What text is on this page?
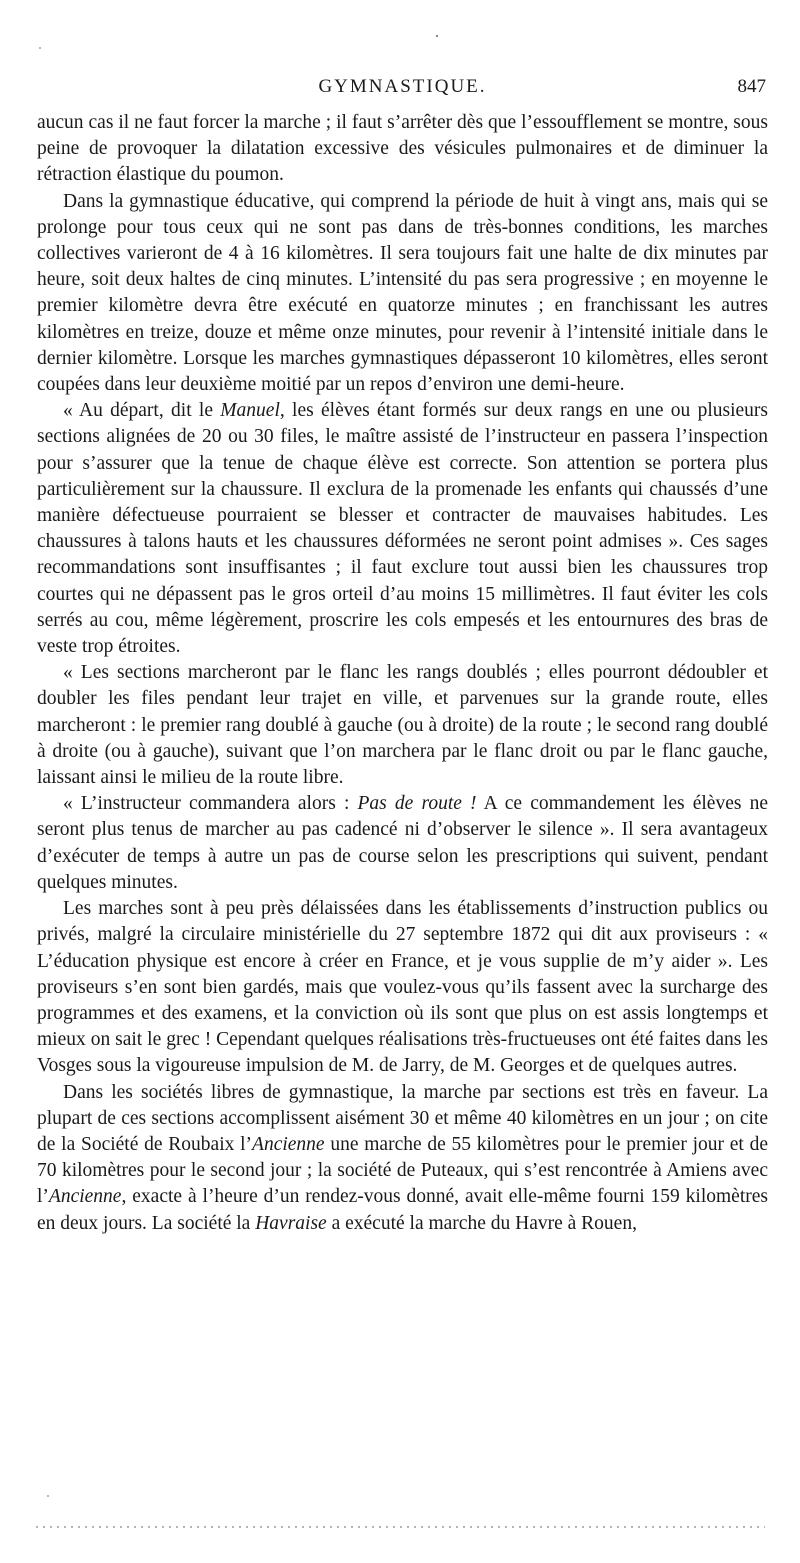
GYMNASTIQUE.	847

aucun cas il ne faut forcer la marche ; il faut s’arrêter dès que l’essoufflement se montre, sous peine de provoquer la dilatation excessive des vésicules pulmonaires et de diminuer la rétraction élastique du poumon.

Dans la gymnastique éducative, qui comprend la période de huit à vingt ans, mais qui se prolonge pour tous ceux qui ne sont pas dans de très-bonnes conditions, les marches collectives varieront de 4 à 16 kilomètres. Il sera toujours fait une halte de dix minutes par heure, soit deux haltes de cinq minutes. L’intensité du pas sera progressive ; en moyenne le premier kilomètre devra être exécuté en quatorze minutes ; en franchissant les autres kilomètres en treize, douze et même onze minutes, pour revenir à l’intensité initiale dans le dernier kilomètre. Lorsque les marches gymnastiques dépasseront 10 kilomètres, elles seront coupées dans leur deuxième moitié par un repos d’environ une demi-heure.

« Au départ, dit le Manuel, les élèves étant formés sur deux rangs en une ou plusieurs sections alignées de 20 ou 30 files, le maître assisté de l’instructeur en passera l’inspection pour s’assurer que la tenue de chaque élève est correcte. Son attention se portera plus particulièrement sur la chaussure. Il exclura de la promenade les enfants qui chaussés d’une manière défectueuse pourraient se blesser et contracter de mauvaises habitudes. Les chaussures à talons hauts et les chaussures déformées ne seront point admises ». Ces sages recommandations sont insuffisantes ; il faut exclure tout aussi bien les chaussures trop courtes qui ne dépassent pas le gros orteil d’au moins 15 millimètres. Il faut éviter les cols serrés au cou, même légèrement, proscrire les cols empesés et les entournures des bras de veste trop étroites.

« Les sections marcheront par le flanc les rangs doublés ; elles pourront dédoubler et doubler les files pendant leur trajet en ville, et parvenues sur la grande route, elles marcheront : le premier rang doublé à gauche (ou à droite) de la route ; le second rang doublé à droite (ou à gauche), suivant que l’on marchera par le flanc droit ou par le flanc gauche, laissant ainsi le milieu de la route libre.

« L’instructeur commandera alors : Pas de route ! A ce commandement les élèves ne seront plus tenus de marcher au pas cadencé ni d’observer le silence ». Il sera avantageux d’exécuter de temps à autre un pas de course selon les prescriptions qui suivent, pendant quelques minutes.

Les marches sont à peu près délaissées dans les établissements d’instruction publics ou privés, malgré la circulaire ministérielle du 27 septembre 1872 qui dit aux proviseurs : « L’éducation physique est encore à créer en France, et je vous supplie de m’y aider ». Les proviseurs s’en sont bien gardés, mais que voulez-vous qu’ils fassent avec la surcharge des programmes et des examens, et la conviction où ils sont que plus on est assis longtemps et mieux on sait le grec ! Cependant quelques réalisations très-fructueuses ont été faites dans les Vosges sous la vigoureuse impulsion de M. de Jarry, de M. Georges et de quelques autres.

Dans les sociétés libres de gymnastique, la marche par sections est très en faveur. La plupart de ces sections accomplissent aisément 30 et même 40 kilomètres en un jour ; on cite de la Société de Roubaix l’Ancienne une marche de 55 kilomètres pour le premier jour et de 70 kilomètres pour le second jour ; la société de Puteaux, qui s’est rencontrée à Amiens avec l’Ancienne, exacte à l’heure d’un rendez-vous donné, avait elle-même fourni 159 kilomètres en deux jours. La société la Havraise a exécuté la marche du Havre à Rouen,
